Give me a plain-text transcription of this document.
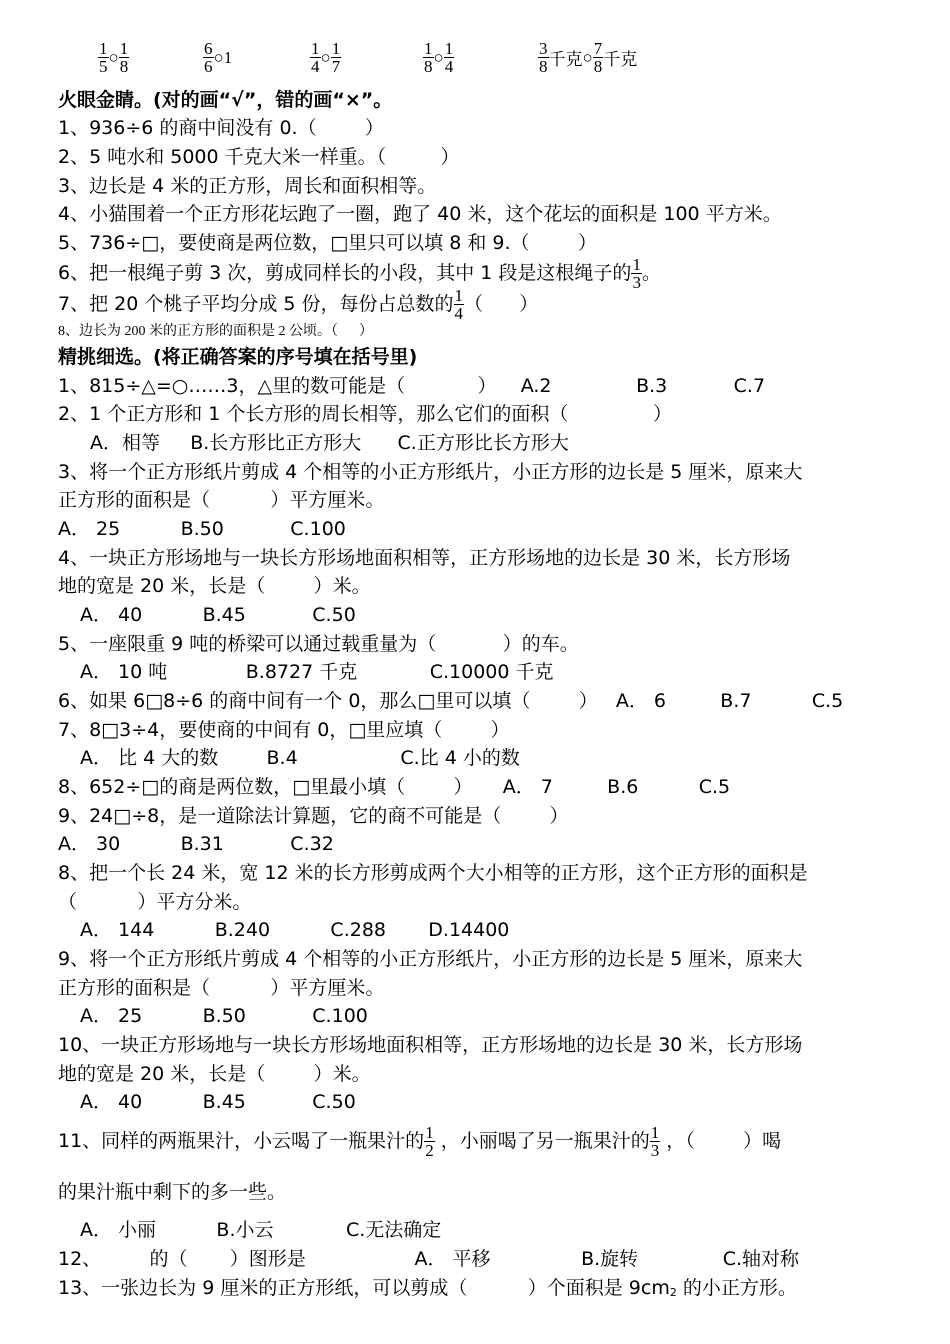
$\frac{1}{5}$ ○ $\frac{1}{8}$	$\frac{6}{6}$ ○ 1	$\frac{1}{4}$ ○ $\frac{1}{7}$	$\frac{1}{8}$ ○ $\frac{1}{4}$	$\frac{3}{8}$ 千克 ○ $\frac{7}{8}$ 千克
火眼金睛。(对的画“√”，错的画“×”。
1、936÷6 的商中间没有 0.（        ）
2、5 吨水和 5000 千克大米一样重。（         ）
3、边长是 4 米的正方形，周长和面积相等。
4、小猫围着一个正方形花坛跑了一圈，跑了 40 米，这个花坛的面积是 100 平方米。
5、736÷□，要使商是两位数，□里只可以填 8 和 9.（        ）
6、把一根绳子剪 3 次，剪成同样长的小段，其中 1 段是这根绳子的 $\frac{1}{3}$ 。
7、把 20 个桃子平均分成 5 份，每份占总数的 $\frac{1}{4}$ （      ）
8、边长为 200 米的正方形的面积是 2 公顷。（      ）
精挑细选。(将正确答案的序号填在括号里)
1、815÷△=○……3，△里的数可能是（            ）    A.2              B.3           C.7
2、1 个正方形和 1 个长方形的周长相等，那么它们的面积（              ）
A．相等     B.长方形比正方形大      C.正方形比长方形大
3、将一个正方形纸片剪成 4 个相等的小正方形纸片，小正方形的边长是 5 厘米，原来大
正方形的面积是（          ）平方厘米。
A． 25          B.50           C.100
4、一块正方形场地与一块长方形场地面积相等，正方形场地的边长是 30 米，长方形场
地的宽是 20 米，长是（        ）米。
A． 40          B.45           C.50
5、一座限重 9 吨的桥梁可以通过载重量为（           ）的车。
A． 10 吨             B.8727 千克            C.10000 千克
6、如果 6□8÷6 的商中间有一个 0，那么□里可以填（        ）   A． 6         B.7          C.5
7、8□3÷4，要使商的中间有 0，□里应填（        ）
A． 比 4 大的数        B.4                 C.比 4 小的数
8、652÷□的商是两位数，□里最小填（        ）     A． 7         B.6          C.5
9、24□÷8，是一道除法计算题，它的商不可能是（        ）
A． 30          B.31           C.32
8、把一个长 24 米，宽 12 米的长方形剪成两个大小相等的正方形，这个正方形的面积是
（          ）平方分米。
A． 144          B.240          C.288       D.14400
9、将一个正方形纸片剪成 4 个相等的小正方形纸片，小正方形的边长是 5 厘米，原来大
正方形的面积是（          ）平方厘米。
A． 25          B.50           C.100
10、一块正方形场地与一块长方形场地面积相等，正方形场地的边长是 30 米，长方形场
地的宽是 20 米，长是（        ）米。
A． 40          B.45           C.50
11、同样的两瓶果汁，小云喝了一瓶果汁的 $\frac{1}{2}$ ，小丽喝了另一瓶果汁的 $\frac{1}{3}$ ，（        ）喝
的果汁瓶中剩下的多一些。
A． 小丽          B.小云            C.无法确定
12、        的（       ）图形是                  A． 平移               B.旋转              C.轴对称
13、一张边长为 9 厘米的正方形纸，可以剪成（          ）个面积是 $9cm^2$ 的小正方形。
